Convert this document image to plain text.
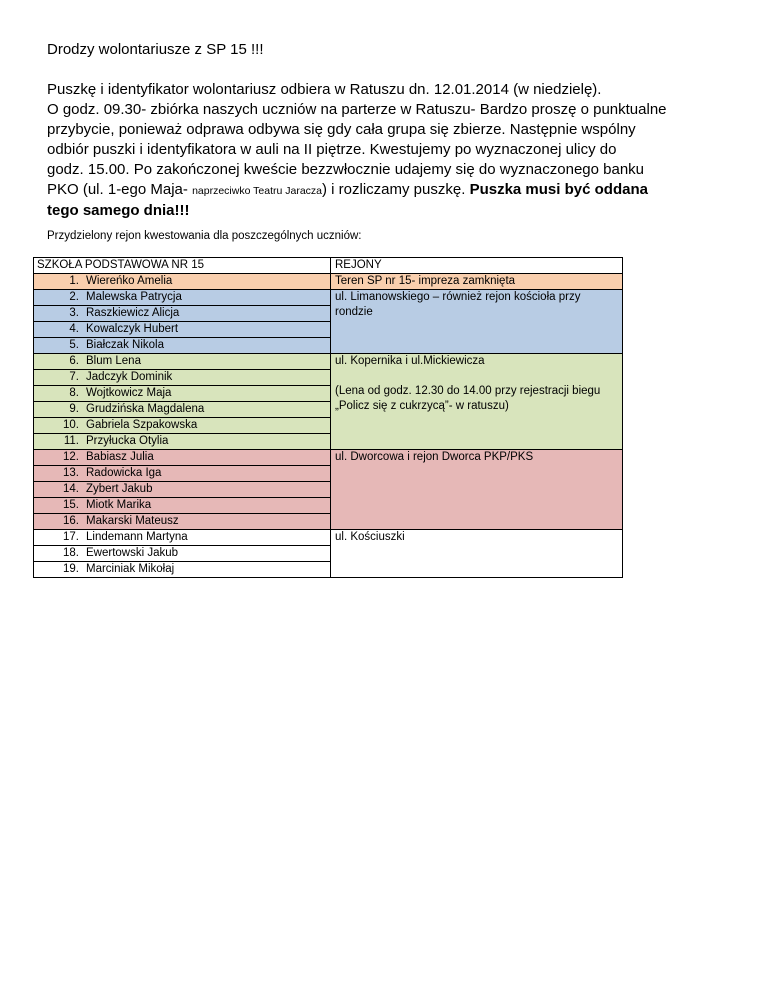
Drodzy wolontariusze z SP 15 !!!
Puszkę i identyfikator wolontariusz odbiera w Ratuszu dn. 12.01.2014 (w niedzielę).
O godz. 09.30- zbiórka naszych uczniów na parterze w Ratuszu- Bardzo proszę o punktualne
przybycie, ponieważ odprawa odbywa się gdy cała grupa się zbierze. Następnie wspólny
odbiór puszki i identyfikatora w auli na II piętrze. Kwestujemy po wyznaczonej ulicy do
godz. 15.00. Po zakończonej kweście bezzwłocznie udajemy się do wyznaczonego banku
PKO (ul. 1-ego Maja- naprzeciwko Teatru Jaracza) i rozliczamy puszkę. Puszka musi być oddana
tego samego dnia!!!
Przydzielony rejon kwestowania dla poszczególnych uczniów:
SZKOŁA PODSTAWOWA NR 15	REJONY
1. Wiereńko Amelia	Teren SP nr 15- impreza zamknięta
2. Malewska Patrycja	ul. Limanowskiego – również rejon kościoła przy rondzie
3. Raszkiewicz Alicja	
4. Kowalczyk Hubert	
5. Białczak Nikola	
6. Blum Lena	ul. Kopernika i ul.Mickiewicza
(Lena od godz. 12.30 do 14.00 przy rejestracji biegu „Policz się z cukrzycą”- w ratuszu)
7. Jadczyk Dominik	
8. Wojtkowicz Maja	
9. Grudzińska Magdalena	
10. Gabriela Szpakowska	
11. Przyłucka Otylia	
12. Babiasz Julia	ul. Dworcowa i rejon Dworca PKP/PKS
13. Radowicka Iga	
14. Zybert Jakub	
15. Miotk Marika	
16. Makarski Mateusz	
17. Lindemann Martyna	ul. Kościuszki
18. Ewertowski Jakub	
19. Marciniak Mikołaj	
